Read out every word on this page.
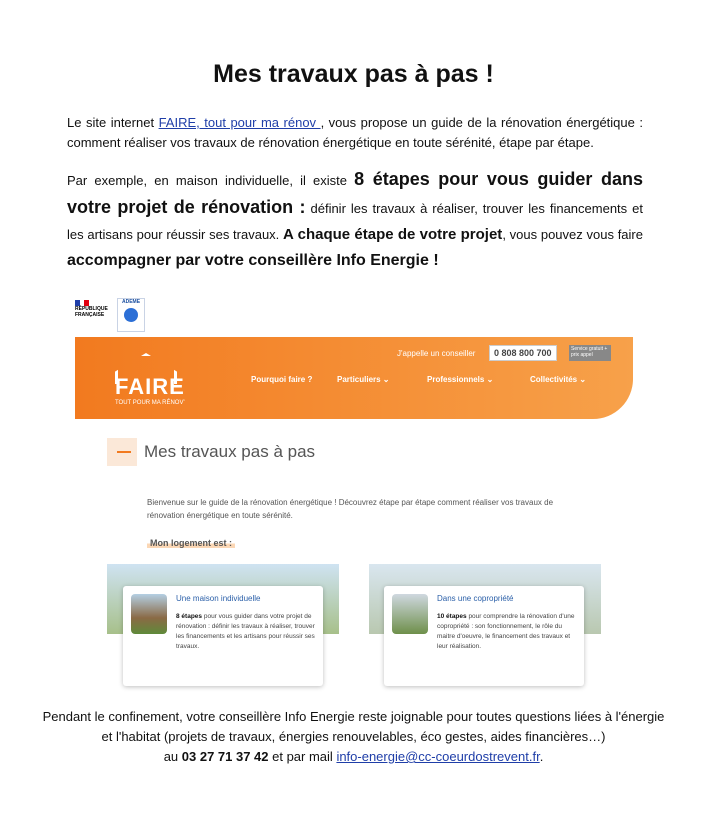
Mes travaux pas à pas !
Le site internet FAIRE, tout pour ma rénov , vous propose un guide de la rénovation énergétique : comment réaliser vos travaux de rénovation énergétique en toute sérénité, étape par étape.
Par exemple, en maison individuelle, il existe 8 étapes pour vous guider dans votre projet de rénovation : définir les travaux à réaliser, trouver les financements et les artisans pour réussir ses travaux. A chaque étape de votre projet, vous pouvez vous faire accompagner par votre conseillère Info Energie !
RÉPUBLIQUE FRANÇAISE
ADEME
FAIRE
TOUT POUR MA RÉNOV'
J'appelle un conseiller	0 808 800 700	Service gratuit + prix appel
Pourquoi faire ?	Particuliers ⌄	Professionnels ⌄	Collectivités ⌄
Mes travaux pas à pas
Bienvenue sur le guide de la rénovation énergétique ! Découvrez étape par étape comment réaliser vos travaux de rénovation énergétique en toute sérénité.
Mon logement est :
Une maison individuelle
8 étapes pour vous guider dans votre projet de rénovation : définir les travaux à réaliser, trouver les financements et les artisans pour réussir ses travaux.
Dans une copropriété
10 étapes pour comprendre la rénovation d'une copropriété : son fonctionnement, le rôle du maitre d'oeuvre, le financement des travaux et leur réalisation.
Pendant le confinement, votre conseillère Info Energie reste joignable pour toutes questions liées à l'énergie et l'habitat (projets de travaux, énergies renouvelables, éco gestes, aides financières…)
au 03 27 71 37 42 et par mail info-energie@cc-coeurdostrevent.fr.
